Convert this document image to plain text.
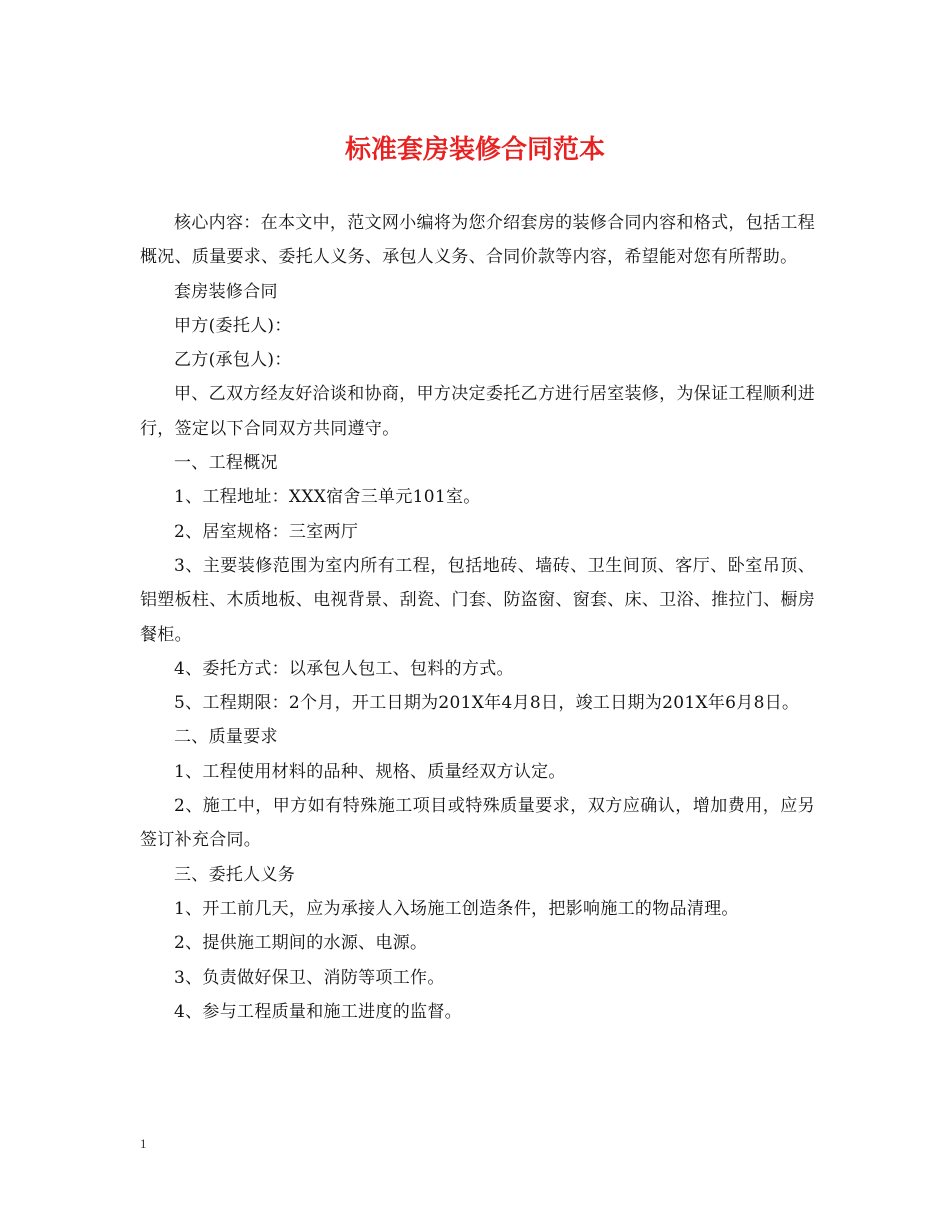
标准套房装修合同范本

核心内容：在本文中，范文网小编将为您介绍套房的装修合同内容和格式，包括工程概况、质量要求、委托人义务、承包人义务、合同价款等内容，希望能对您有所帮助。

套房装修合同

甲方(委托人)：

乙方(承包人)：

甲、乙双方经友好洽谈和协商，甲方决定委托乙方进行居室装修，为保证工程顺利进行，签定以下合同双方共同遵守。

一、工程概况

1、工程地址：XXX宿舍三单元101室。

2、居室规格：三室两厅

3、主要装修范围为室内所有工程，包括地砖、墙砖、卫生间顶、客厅、卧室吊顶、铝塑板柱、木质地板、电视背景、刮瓷、门套、防盗窗、窗套、床、卫浴、推拉门、橱房餐柜。

4、委托方式：以承包人包工、包料的方式。

5、工程期限：2个月，开工日期为201X年4月8日，竣工日期为201X年6月8日。

二、质量要求

1、工程使用材料的品种、规格、质量经双方认定。

2、施工中，甲方如有特殊施工项目或特殊质量要求，双方应确认，增加费用，应另签订补充合同。

三、委托人义务

1、开工前几天，应为承接人入场施工创造条件，把影响施工的物品清理。

2、提供施工期间的水源、电源。

3、负责做好保卫、消防等项工作。

4、参与工程质量和施工进度的监督。

1
